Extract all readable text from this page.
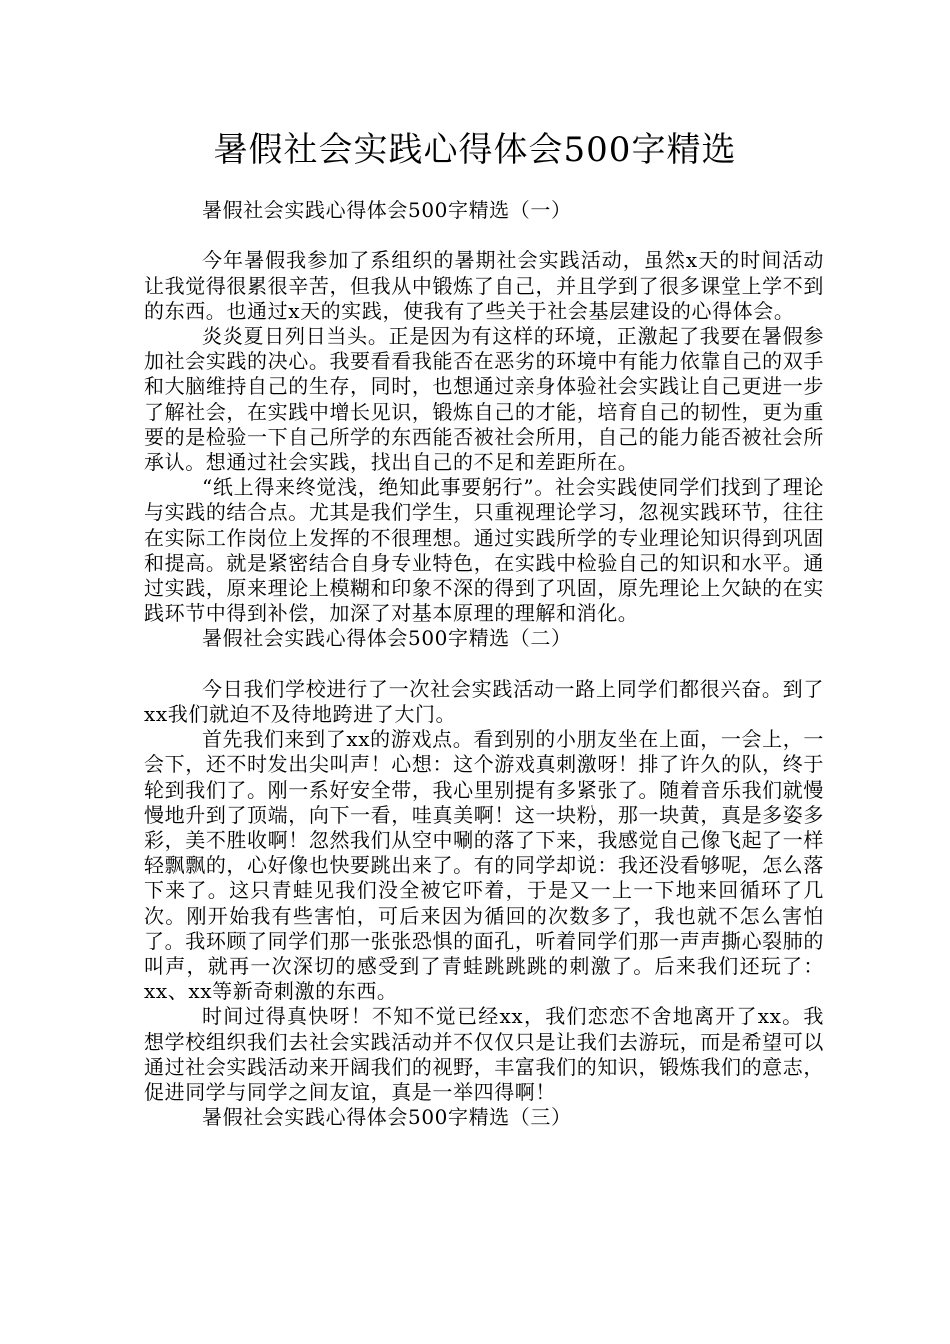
暑假社会实践心得体会500字精选

暑假社会实践心得体会500字精选（一）

今年暑假我参加了系组织的暑期社会实践活动，虽然x天的时间活动让我觉得很累很辛苦，但我从中锻炼了自己，并且学到了很多课堂上学不到的东西。也通过x天的实践，使我有了些关于社会基层建设的心得体会。

炎炎夏日列日当头。正是因为有这样的环境，正激起了我要在暑假参加社会实践的决心。我要看看我能否在恶劣的环境中有能力依靠自己的双手和大脑维持自己的生存，同时，也想通过亲身体验社会实践让自己更进一步了解社会，在实践中增长见识，锻炼自己的才能，培育自己的韧性，更为重要的是检验一下自己所学的东西能否被社会所用，自己的能力能否被社会所承认。想通过社会实践，找出自己的不足和差距所在。

“纸上得来终觉浅，绝知此事要躬行”。社会实践使同学们找到了理论与实践的结合点。尤其是我们学生，只重视理论学习，忽视实践环节，往往在实际工作岗位上发挥的不很理想。通过实践所学的专业理论知识得到巩固和提高。就是紧密结合自身专业特色，在实践中检验自己的知识和水平。通过实践，原来理论上模糊和印象不深的得到了巩固，原先理论上欠缺的在实践环节中得到补偿，加深了对基本原理的理解和消化。

暑假社会实践心得体会500字精选（二）

今日我们学校进行了一次社会实践活动一路上同学们都很兴奋。到了xx我们就迫不及待地跨进了大门。

首先我们来到了xx的游戏点。看到别的小朋友坐在上面，一会上，一会下，还不时发出尖叫声！心想：这个游戏真刺激呀！排了许久的队，终于轮到我们了。刚一系好安全带，我心里别提有多紧张了。随着音乐我们就慢慢地升到了顶端，向下一看，哇真美啊！这一块粉，那一块黄，真是多姿多彩，美不胜收啊！忽然我们从空中唰的落了下来，我感觉自己像飞起了一样轻飘飘的，心好像也快要跳出来了。有的同学却说：我还没看够呢，怎么落下来了。这只青蛙见我们没全被它吓着，于是又一上一下地来回循环了几次。刚开始我有些害怕，可后来因为循回的次数多了，我也就不怎么害怕了。我环顾了同学们那一张张恐惧的面孔，听着同学们那一声声撕心裂肺的叫声，就再一次深切的感受到了青蛙跳跳跳的刺激了。后来我们还玩了：xx、xx等新奇刺激的东西。

时间过得真快呀！不知不觉已经xx，我们恋恋不舍地离开了xx。我想学校组织我们去社会实践活动并不仅仅只是让我们去游玩，而是希望可以通过社会实践活动来开阔我们的视野，丰富我们的知识，锻炼我们的意志，促进同学与同学之间友谊，真是一举四得啊！

暑假社会实践心得体会500字精选（三）
